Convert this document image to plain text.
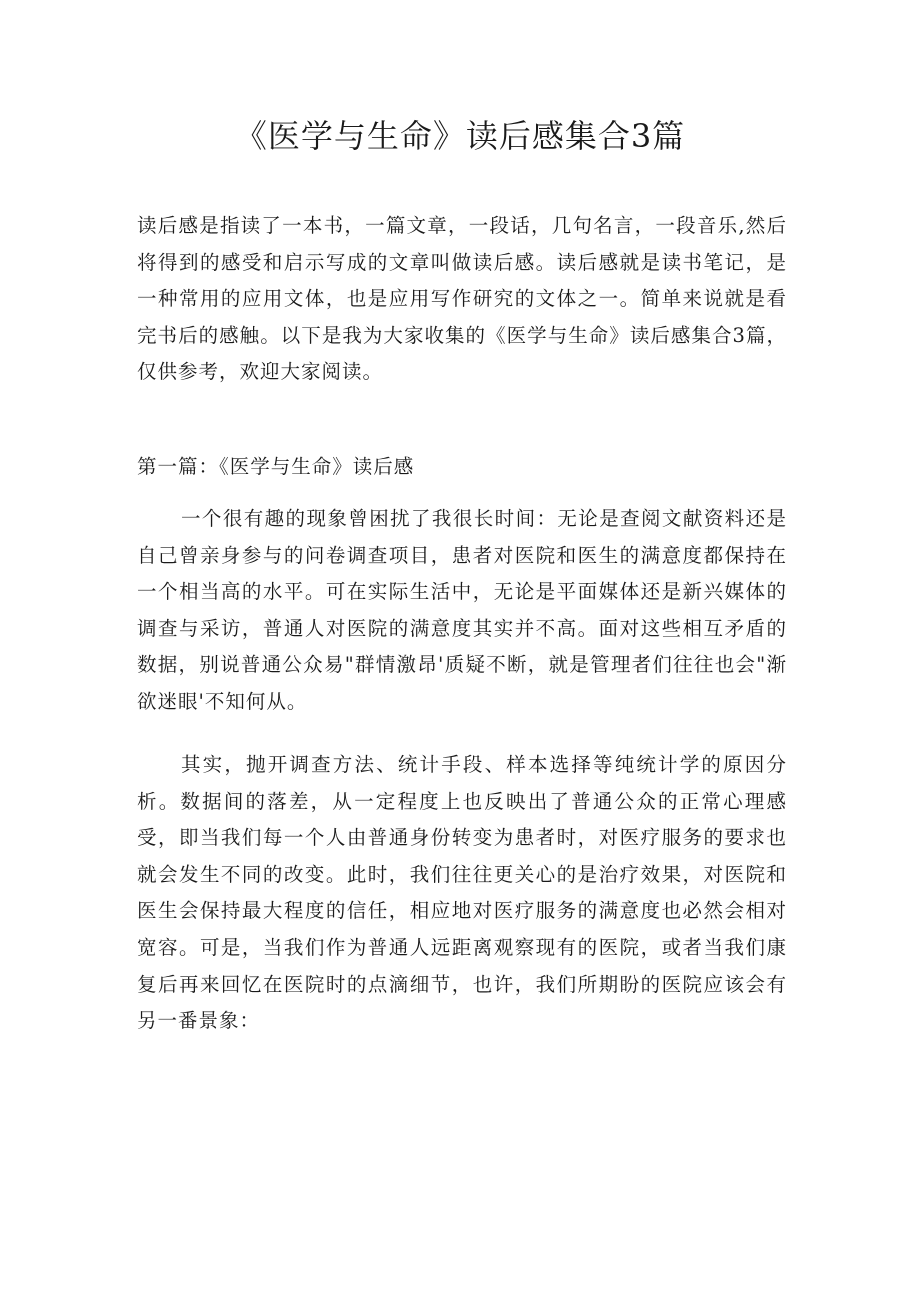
《医学与生命》读后感集合3篇

读后感是指读了一本书，一篇文章，一段话，几句名言，一段音乐,然后将得到的感受和启示写成的文章叫做读后感。读后感就是读书笔记，是一种常用的应用文体，也是应用写作研究的文体之一。简单来说就是看完书后的感触。以下是我为大家收集的《医学与生命》读后感集合3篇，仅供参考，欢迎大家阅读。

第一篇：《医学与生命》读后感

一个很有趣的现象曾困扰了我很长时间：无论是查阅文献资料还是自己曾亲身参与的问卷调查项目，患者对医院和医生的满意度都保持在一个相当高的水平。可在实际生活中，无论是平面媒体还是新兴媒体的调查与采访，普通人对医院的满意度其实并不高。面对这些相互矛盾的数据，别说普通公众易"群情激昂'质疑不断，就是管理者们往往也会"渐欲迷眼'不知何从。

其实，抛开调查方法、统计手段、样本选择等纯统计学的原因分析。数据间的落差，从一定程度上也反映出了普通公众的正常心理感受，即当我们每一个人由普通身份转变为患者时，对医疗服务的要求也就会发生不同的改变。此时，我们往往更关心的是治疗效果，对医院和医生会保持最大程度的信任，相应地对医疗服务的满意度也必然会相对宽容。可是，当我们作为普通人远距离观察现有的医院，或者当我们康复后再来回忆在医院时的点滴细节，也许，我们所期盼的医院应该会有另一番景象：
